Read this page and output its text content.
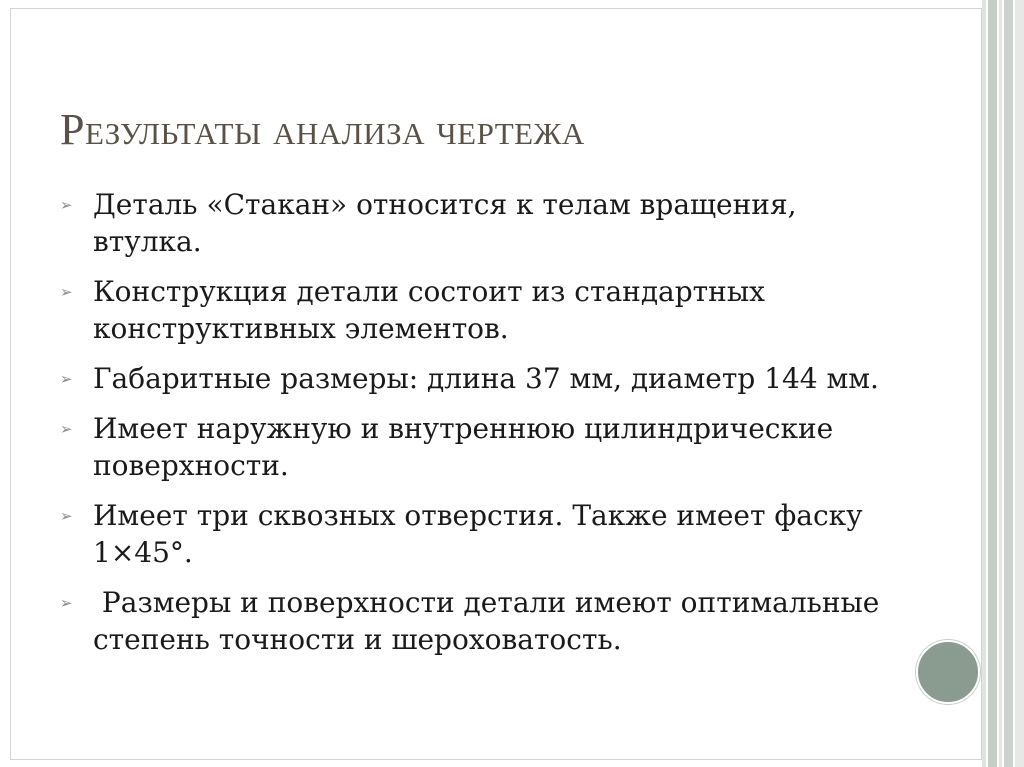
Результаты анализа чертежа
➢ Деталь «Стакан» относится к телам вращения, втулка.
➢ Конструкция детали состоит из стандартных конструктивных элементов.
➢ Габаритные размеры: длина 37 мм, диаметр 144 мм.
➢ Имеет наружную и внутреннюю цилиндрические поверхности.
➢ Имеет три сквозных отверстия. Также имеет фаску 1×45°.
➢ Размеры и поверхности детали имеют оптимальные степень точности и шероховатость.
